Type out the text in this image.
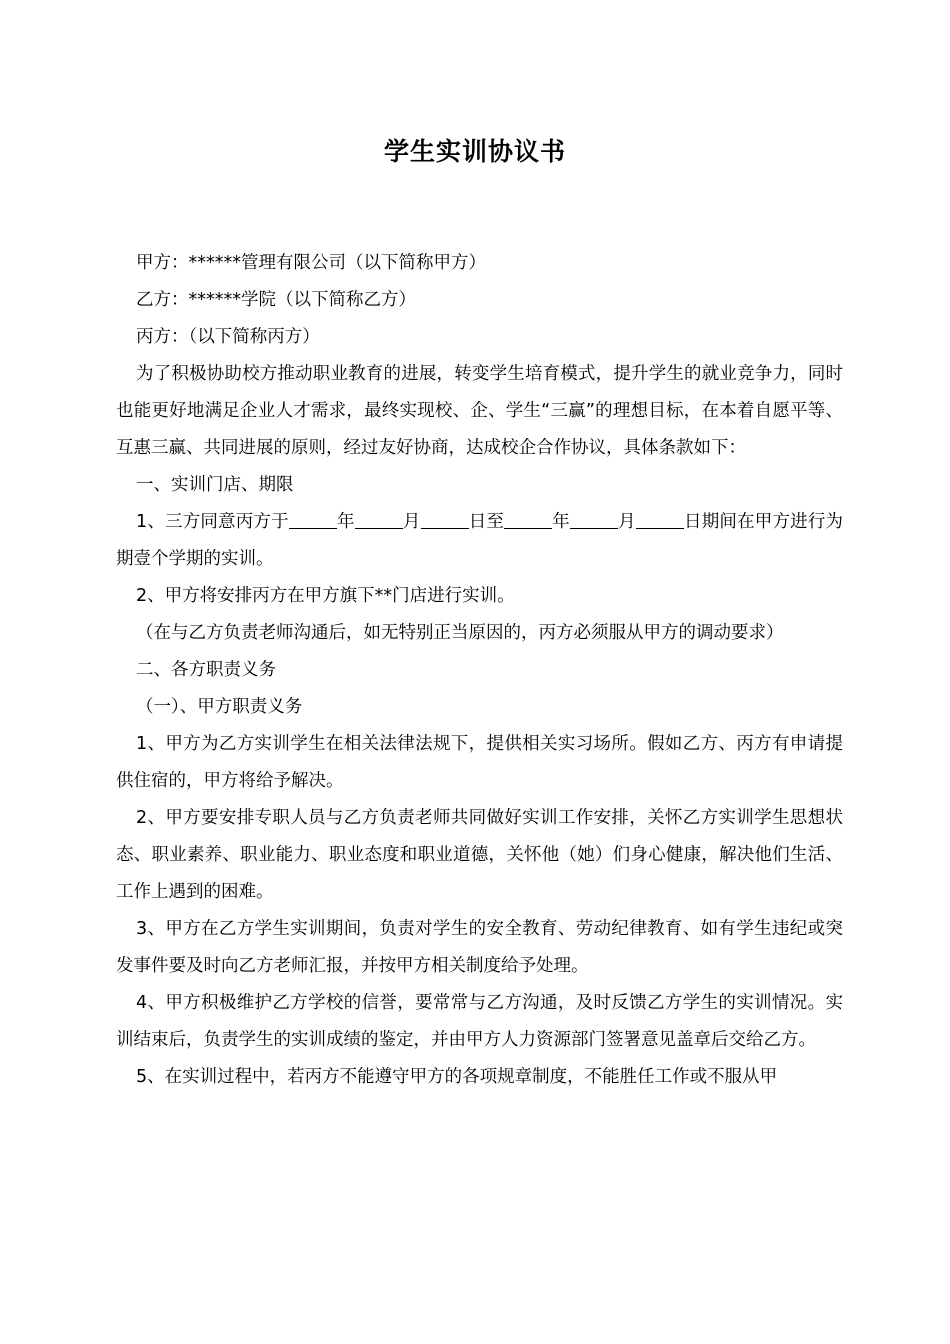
学生实训协议书

甲方：******管理有限公司（以下简称甲方）

乙方：******学院（以下简称乙方）

丙方：（以下简称丙方）

为了积极协助校方推动职业教育的进展，转变学生培育模式，提升学生的就业竞争力，同时也能更好地满足企业人才需求，最终实现校、企、学生“三赢”的理想目标，在本着自愿平等、互惠三赢、共同进展的原则，经过友好协商，达成校企合作协议，具体条款如下：

一、实训门店、期限

1、三方同意丙方于	年	月	日至	年	月	日期间在甲方进行为期壹个学期的实训。

2、甲方将安排丙方在甲方旗下**门店进行实训。

（在与乙方负责老师沟通后，如无特别正当原因的，丙方必须服从甲方的调动要求）

二、各方职责义务

（一）、甲方职责义务

1、甲方为乙方实训学生在相关法律法规下，提供相关实习场所。假如乙方、丙方有申请提供住宿的，甲方将给予解决。

2、甲方要安排专职人员与乙方负责老师共同做好实训工作安排，关怀乙方实训学生思想状态、职业素养、职业能力、职业态度和职业道德，关怀他（她）们身心健康，解决他们生活、工作上遇到的困难。

3、甲方在乙方学生实训期间，负责对学生的安全教育、劳动纪律教育、如有学生违纪或突发事件要及时向乙方老师汇报，并按甲方相关制度给予处理。

4、甲方积极维护乙方学校的信誉，要常常与乙方沟通，及时反馈乙方学生的实训情况。实训结束后，负责学生的实训成绩的鉴定，并由甲方人力资源部门签署意见盖章后交给乙方。

5、在实训过程中，若丙方不能遵守甲方的各项规章制度，不能胜任工作或不服从甲
